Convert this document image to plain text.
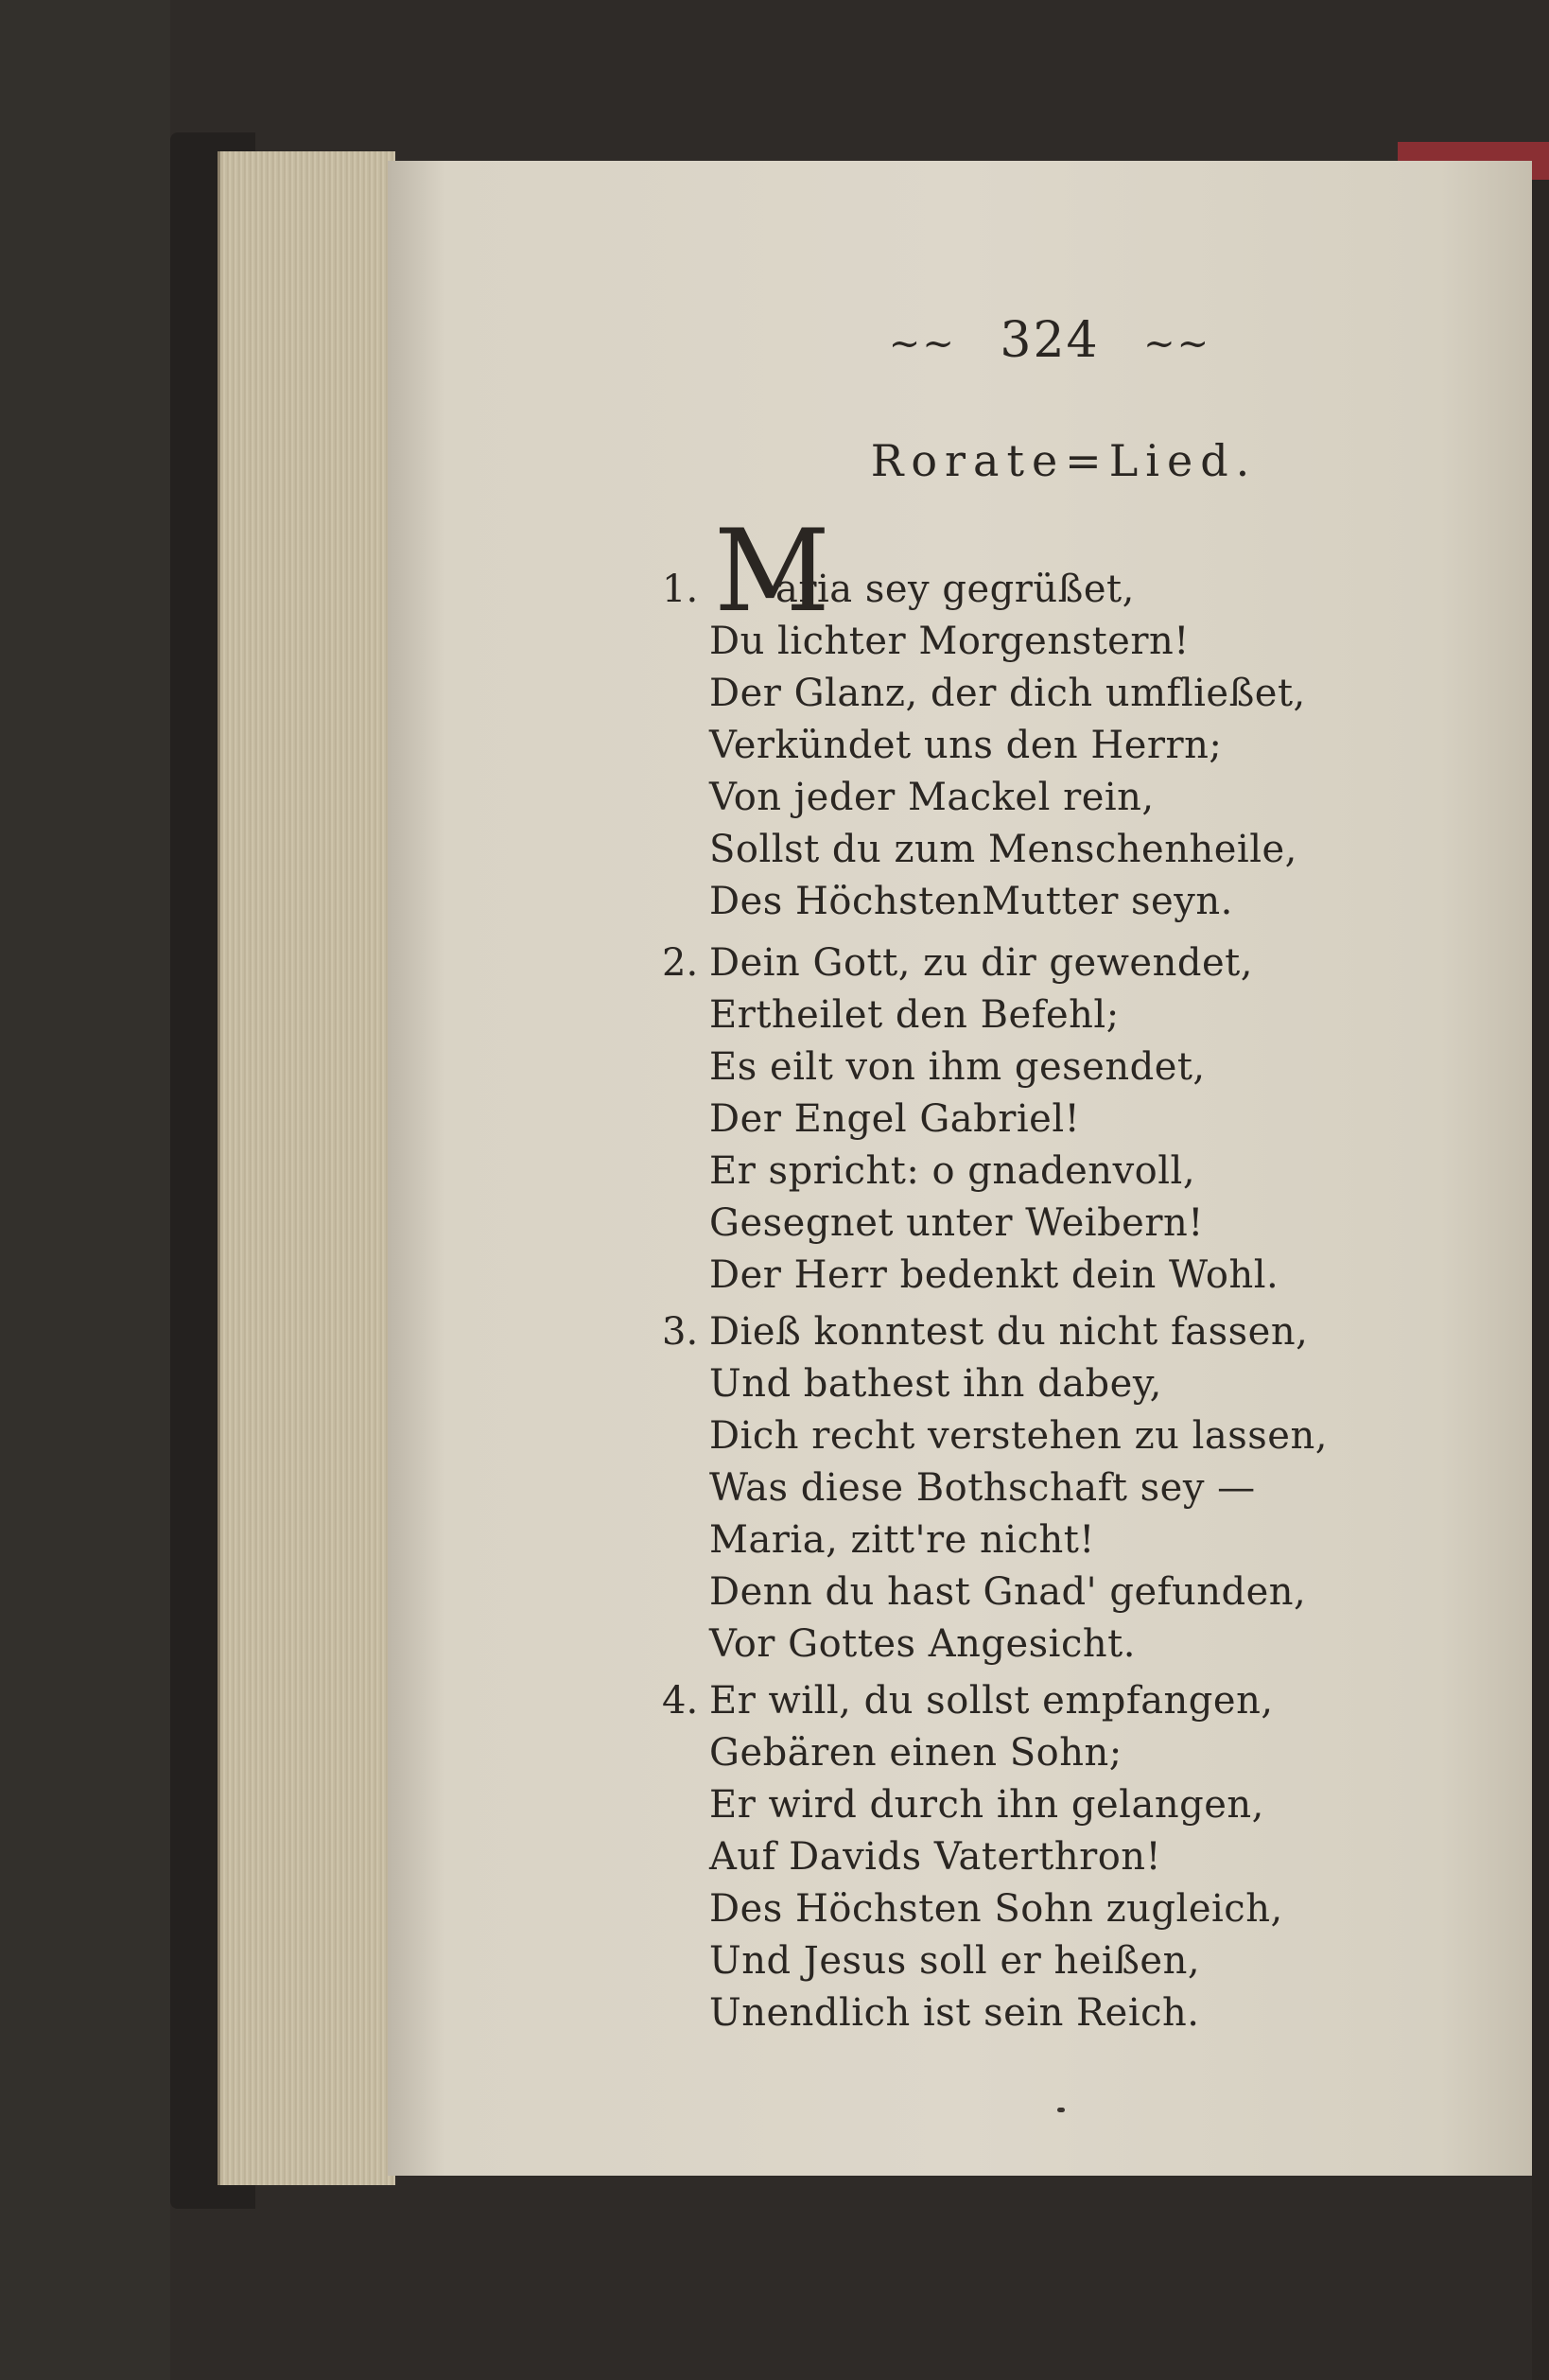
~~ 324 ~~
Rorate=Lied.
1. M
aria sey gegrüßet,
Du lichter Morgenstern!
Der Glanz, der dich umfließet,
Verkündet uns den Herrn;
Von jeder Mackel rein,
Sollst du zum Menschenheile,
Des HöchstenMutter seyn.
2. Dein Gott, zu dir gewendet,
Ertheilet den Befehl;
Es eilt von ihm gesendet,
Der Engel Gabriel!
Er spricht: o gnadenvoll,
Gesegnet unter Weibern!
Der Herr bedenkt dein Wohl.
3. Dieß konntest du nicht fassen,
Und bathest ihn dabey,
Dich recht verstehen zu lassen,
Was diese Bothschaft sey —
Maria, zitt're nicht!
Denn du hast Gnad' gefunden,
Vor Gottes Angesicht.
4. Er will, du sollst empfangen,
Gebären einen Sohn;
Er wird durch ihn gelangen,
Auf Davids Vaterthron!
Des Höchsten Sohn zugleich,
Und Jesus soll er heißen,
Unendlich ist sein Reich.
